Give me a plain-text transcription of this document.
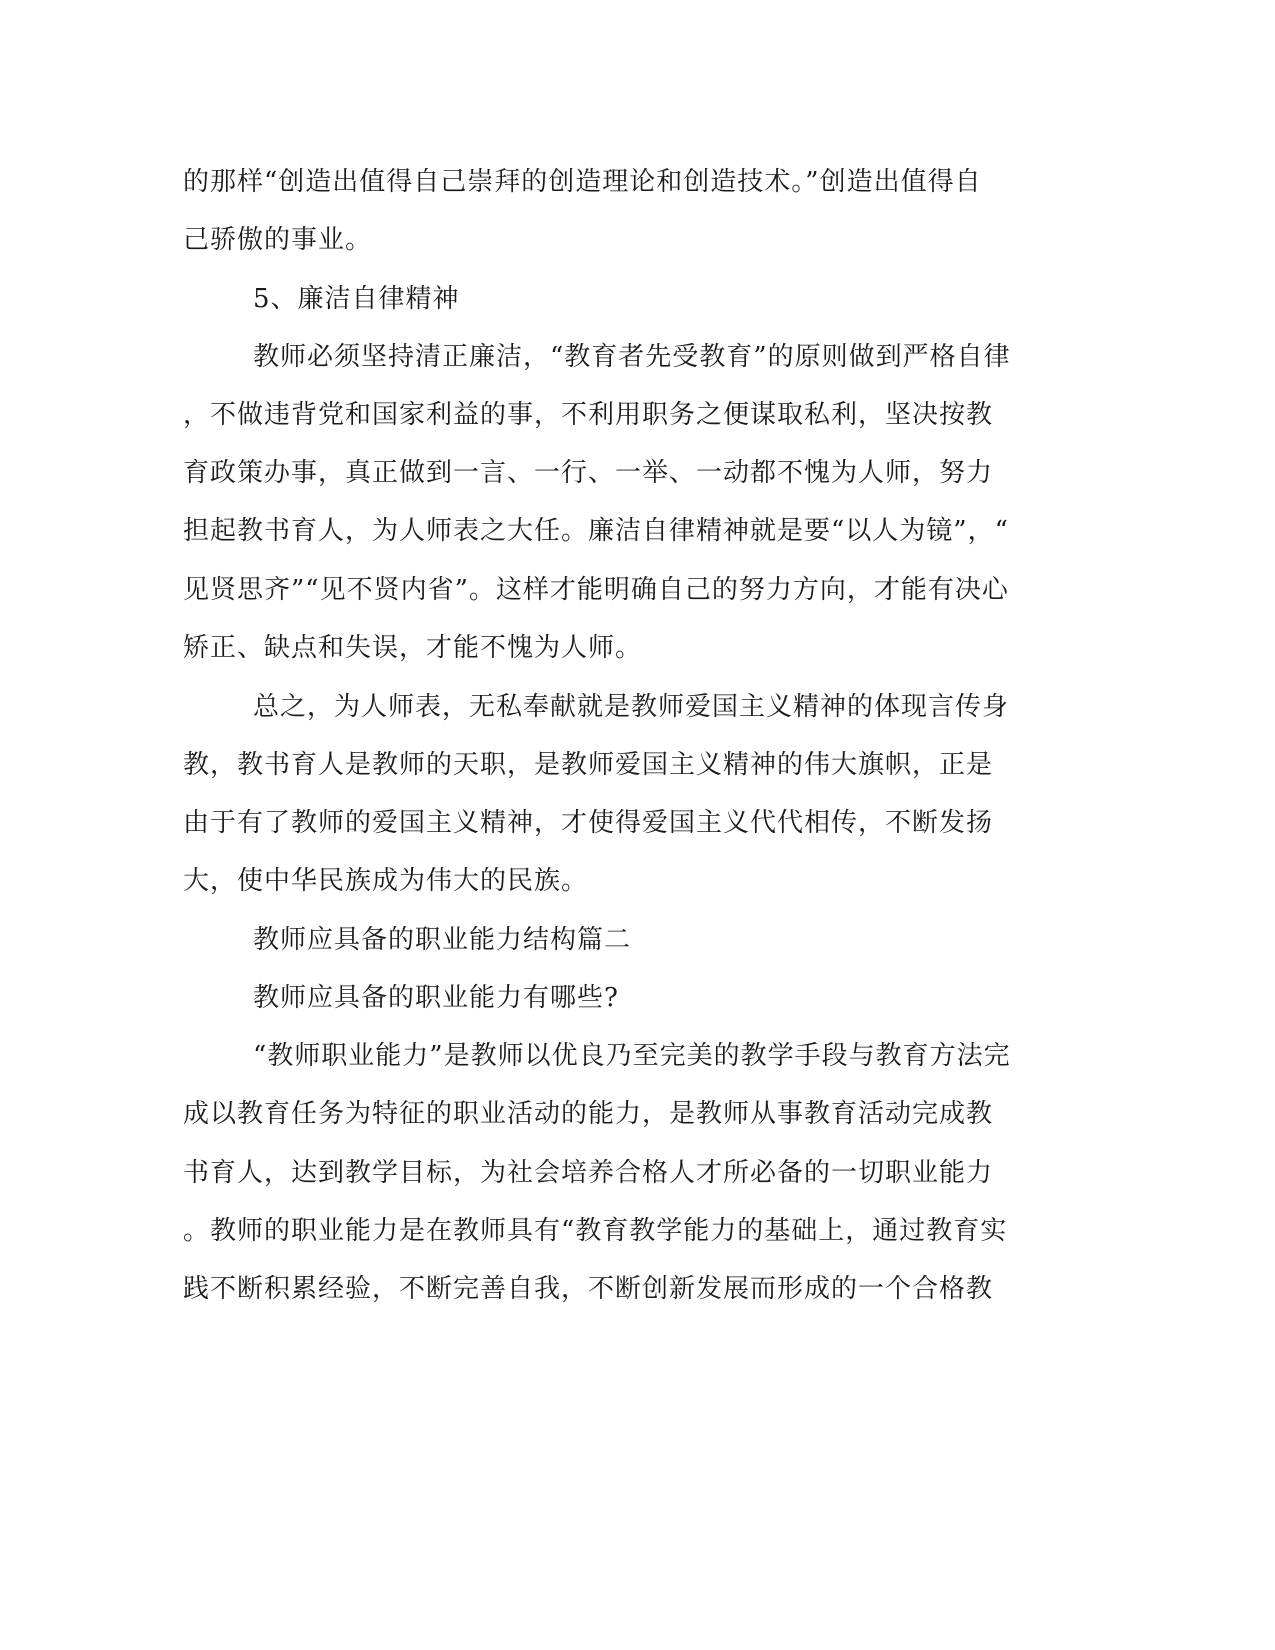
的那样“创造出值得自己崇拜的创造理论和创造技术。”创造出值得自
己骄傲的事业。
5、廉洁自律精神
教师必须坚持清正廉洁，“教育者先受教育”的原则做到严格自律
，不做违背党和国家利益的事，不利用职务之便谋取私利，坚决按教
育政策办事，真正做到一言、一行、一举、一动都不愧为人师，努力
担起教书育人，为人师表之大任。廉洁自律精神就是要“以人为镜”，“
见贤思齐”“见不贤内省”。这样才能明确自己的努力方向，才能有决心
矫正、缺点和失误，才能不愧为人师。
总之，为人师表，无私奉献就是教师爱国主义精神的体现言传身
教，教书育人是教师的天职，是教师爱国主义精神的伟大旗帜，正是
由于有了教师的爱国主义精神，才使得爱国主义代代相传，不断发扬
大，使中华民族成为伟大的民族。
教师应具备的职业能力结构篇二
教师应具备的职业能力有哪些?
“教师职业能力”是教师以优良乃至完美的教学手段与教育方法完
成以教育任务为特征的职业活动的能力，是教师从事教育活动完成教
书育人，达到教学目标，为社会培养合格人才所必备的一切职业能力
。教师的职业能力是在教师具有“教育教学能力的基础上，通过教育实
践不断积累经验，不断完善自我，不断创新发展而形成的一个合格教
